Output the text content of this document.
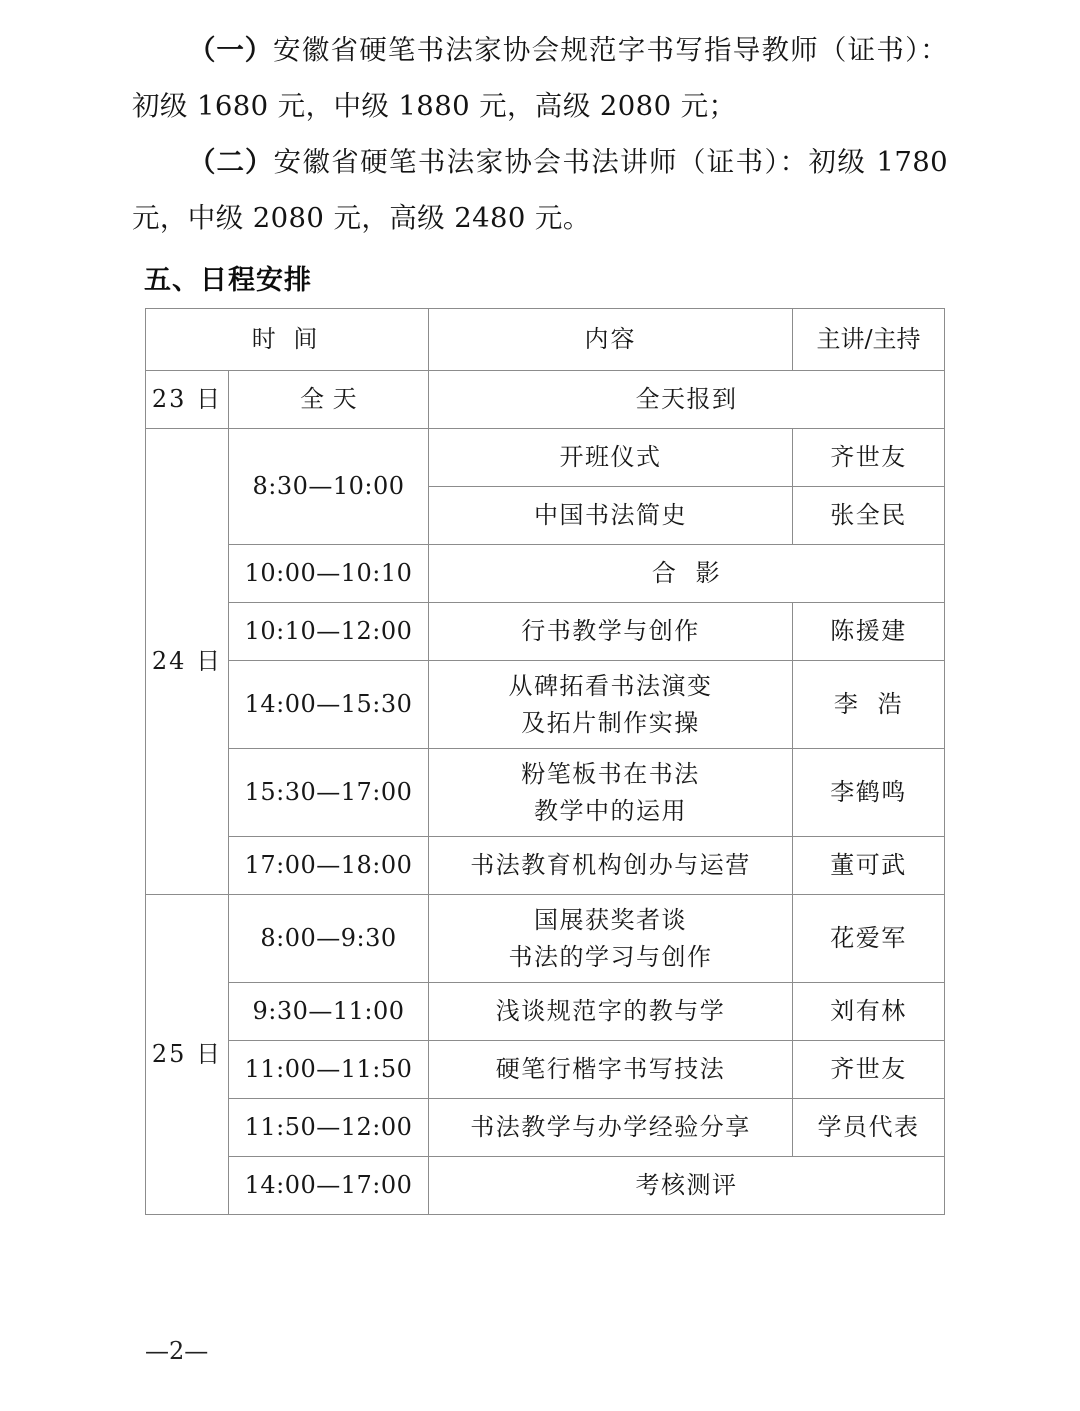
（一）安徽省硬笔书法家协会规范字书写指导教师（证书）：初级 1680 元，中级 1880 元，高级 2080 元；

（二）安徽省硬笔书法家协会书法讲师（证书）：初级 1780 元，中级 2080 元，高级 2480 元。

五、日程安排
时 间		内容	主讲/主持
23 日	全 天	全天报到	
24 日	8:30—10:00	开班仪式	齐世友
		中国书法简史	张全民
	10:00—10:10	合  影	
	10:10—12:00	行书教学与创作	陈援建
	14:00—15:30	从碑拓看书法演变
及拓片制作实操	李  浩
	15:30—17:00	粉笔板书在书法
教学中的运用	李鹤鸣
	17:00—18:00	书法教育机构创办与运营	董可武
25 日	8:00—9:30	国展获奖者谈
书法的学习与创作	花爱军
	9:30—11:00	浅谈规范字的教与学	刘有林
	11:00—11:50	硬笔行楷字书写技法	齐世友
	11:50—12:00	书法教学与办学经验分享	学员代表
	14:00—17:00	考核测评	
—2—
